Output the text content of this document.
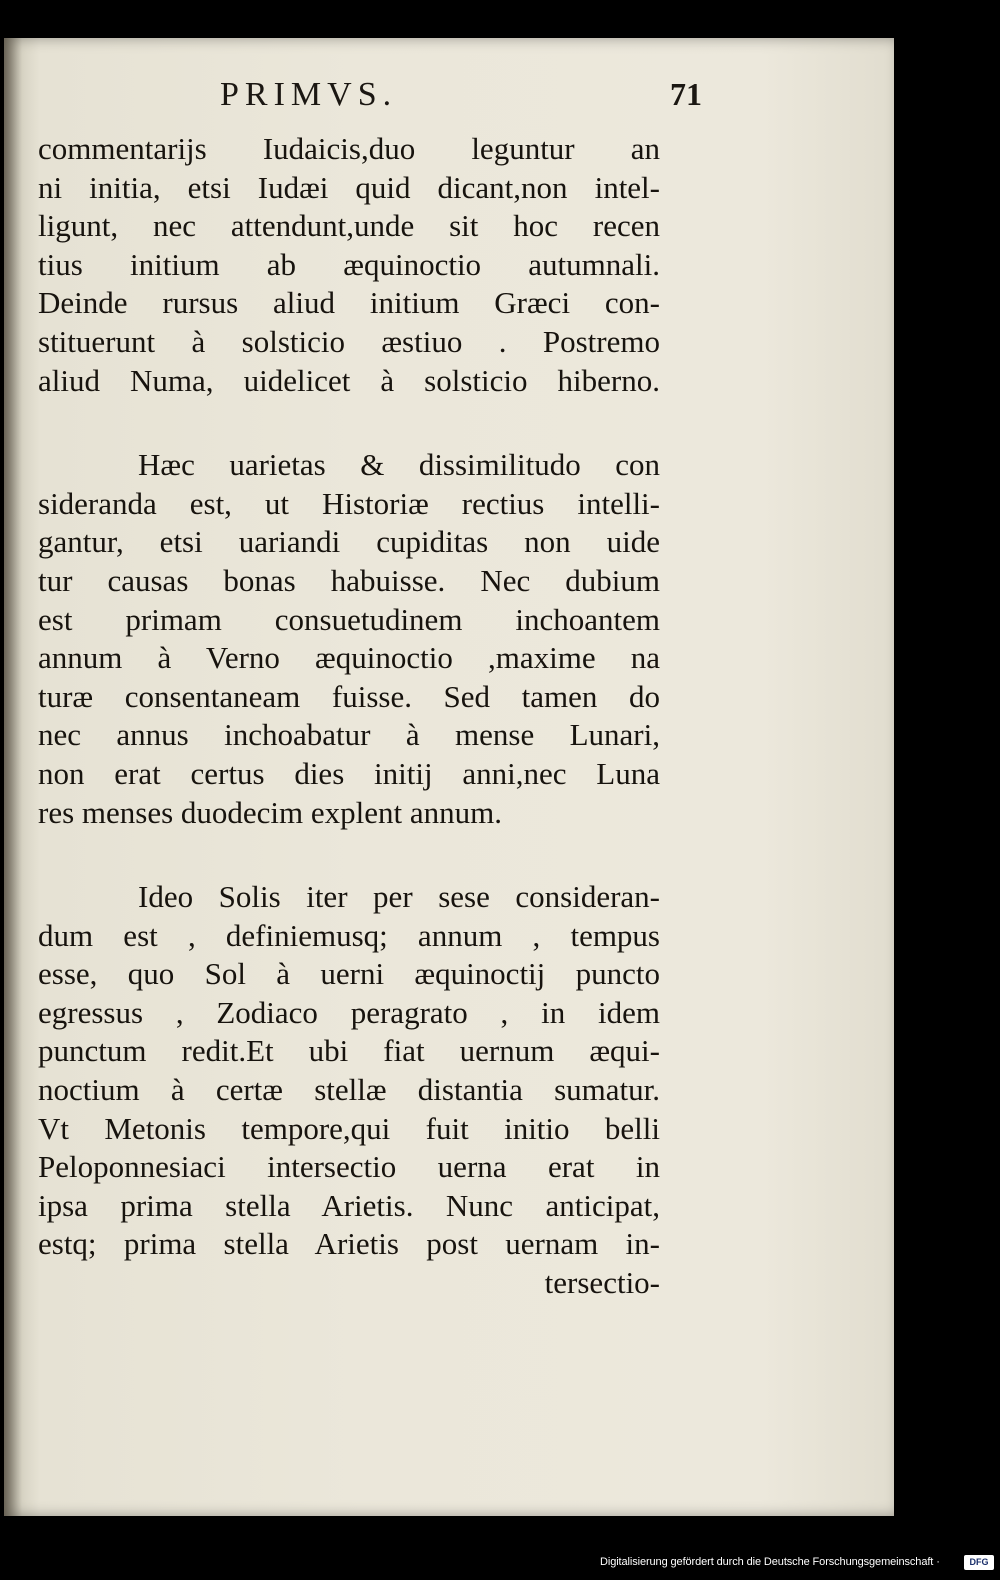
PRIMVS.	71

commentarijs Iudaicis,duo leguntur an
ni initia, etsi Iudæi quid dicant,non intel-
ligunt, nec attendunt,unde sit hoc recen
tius initium ab æquinoctio autumnali.
Deinde rursus aliud initium Græci con-
stituerunt à solsticio æstiuo . Postremo
aliud Numa, uidelicet à solsticio hiberno.

Hæc uarietas & dissimilitudo con
sideranda est, ut Historiæ rectius intelli-
gantur, etsi uariandi cupiditas non uide
tur causas bonas habuisse. Nec dubium
est primam consuetudinem inchoantem
annum à Verno æquinoctio ,maxime na
turæ consentaneam fuisse. Sed tamen do
nec annus inchoabatur à mense Lunari,
non erat certus dies initij anni,nec Luna
res menses duodecim explent annum.

Ideo Solis iter per sese consideran-
dum est , definiemusq; annum , tempus
esse, quo Sol à uerni æquinoctij puncto
egressus , Zodiaco peragrato , in idem
punctum redit.Et ubi fiat uernum æqui-
noctium à certæ stellæ distantia sumatur.
Vt Metonis tempore,qui fuit initio belli
Peloponnesiaci intersectio uerna erat in
ipsa prima stella Arietis. Nunc anticipat,
estq; prima stella Arietis post uernam in-
tersectio-

Digitalisierung gefördert durch die Deutsche Forschungsgemeinschaft ·	DFG
